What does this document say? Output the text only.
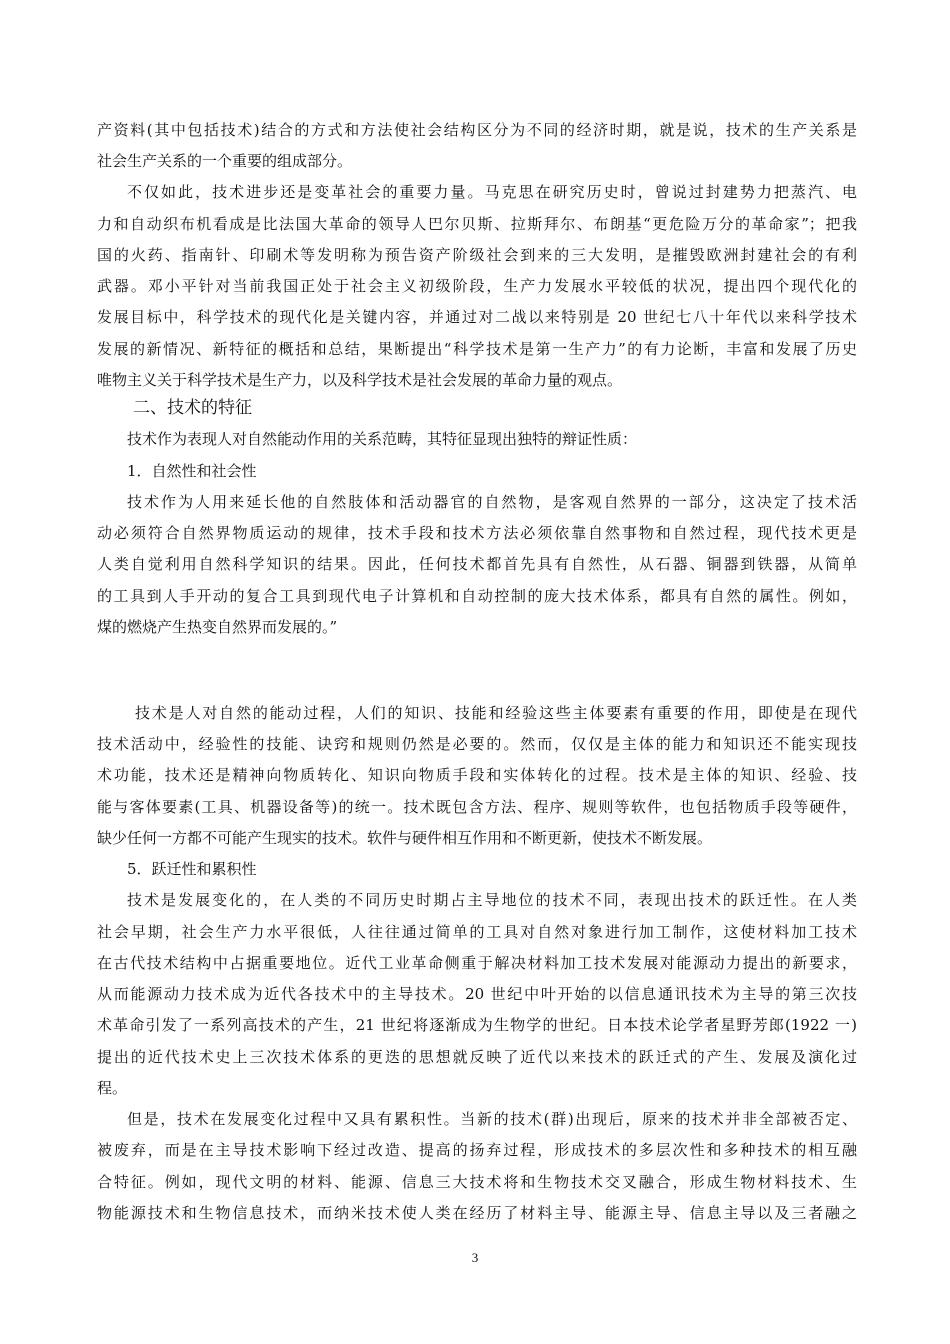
产资料(其中包括技术)结合的方式和方法使社会结构区分为不同的经济时期，就是说，技术的生产关系是
社会生产关系的一个重要的组成部分。
不仅如此，技术进步还是变革社会的重要力量。马克思在研究历史时，曾说过封建势力把蒸汽、电
力和自动织布机看成是比法国大革命的领导人巴尔贝斯、拉斯拜尔、布朗基“更危险万分的革命家”；把我
国的火药、指南针、印刷术等发明称为预告资产阶级社会到来的三大发明，是摧毁欧洲封建社会的有利
武器。邓小平针对当前我国正处于社会主义初级阶段，生产力发展水平较低的状况，提出四个现代化的
发展目标中，科学技术的现代化是关键内容，并通过对二战以来特别是 20 世纪七八十年代以来科学技术
发展的新情况、新特征的概括和总结，果断提出“科学技术是第一生产力”的有力论断，丰富和发展了历史
唯物主义关于科学技术是生产力，以及科学技术是社会发展的革命力量的观点。
二、技术的特征
技术作为表现人对自然能动作用的关系范畴，其特征显现出独特的辩证性质：
1．自然性和社会性
技术作为人用来延长他的自然肢体和活动器官的自然物，是客观自然界的一部分，这决定了技术活
动必须符合自然界物质运动的规律，技术手段和技术方法必须依靠自然事物和自然过程，现代技术更是
人类自觉利用自然科学知识的结果。因此，任何技术都首先具有自然性，从石器、铜器到铁器，从简单
的工具到人手开动的复合工具到现代电子计算机和自动控制的庞大技术体系，都具有自然的属性。例如，
煤的燃烧产生热变自然界而发展的。”
技术是人对自然的能动过程，人们的知识、技能和经验这些主体要素有重要的作用，即使是在现代
技术活动中，经验性的技能、诀窍和规则仍然是必要的。然而，仅仅是主体的能力和知识还不能实现技
术功能，技术还是精神向物质转化、知识向物质手段和实体转化的过程。技术是主体的知识、经验、技
能与客体要素(工具、机器设备等)的统一。技术既包含方法、程序、规则等软件，也包括物质手段等硬件，
缺少任何一方都不可能产生现实的技术。软件与硬件相互作用和不断更新，使技术不断发展。
5．跃迁性和累积性
技术是发展变化的，在人类的不同历史时期占主导地位的技术不同，表现出技术的跃迁性。在人类
社会早期，社会生产力水平很低，人往往通过简单的工具对自然对象进行加工制作，这使材料加工技术
在古代技术结构中占据重要地位。近代工业革命侧重于解决材料加工技术发展对能源动力提出的新要求，
从而能源动力技术成为近代各技术中的主导技术。20 世纪中叶开始的以信息通讯技术为主导的第三次技
术革命引发了一系列高技术的产生，21 世纪将逐渐成为生物学的世纪。日本技术论学者星野芳郎(1922 一)
提出的近代技术史上三次技术体系的更迭的思想就反映了近代以来技术的跃迁式的产生、发展及演化过
程。
但是，技术在发展变化过程中又具有累积性。当新的技术(群)出现后，原来的技术并非全部被否定、
被废弃，而是在主导技术影响下经过改造、提高的扬弃过程，形成技术的多层次性和多种技术的相互融
合特征。例如，现代文明的材料、能源、信息三大技术将和生物技术交叉融合，形成生物材料技术、生
物能源技术和生物信息技术，而纳米技术使人类在经历了材料主导、能源主导、信息主导以及三者融之
3
